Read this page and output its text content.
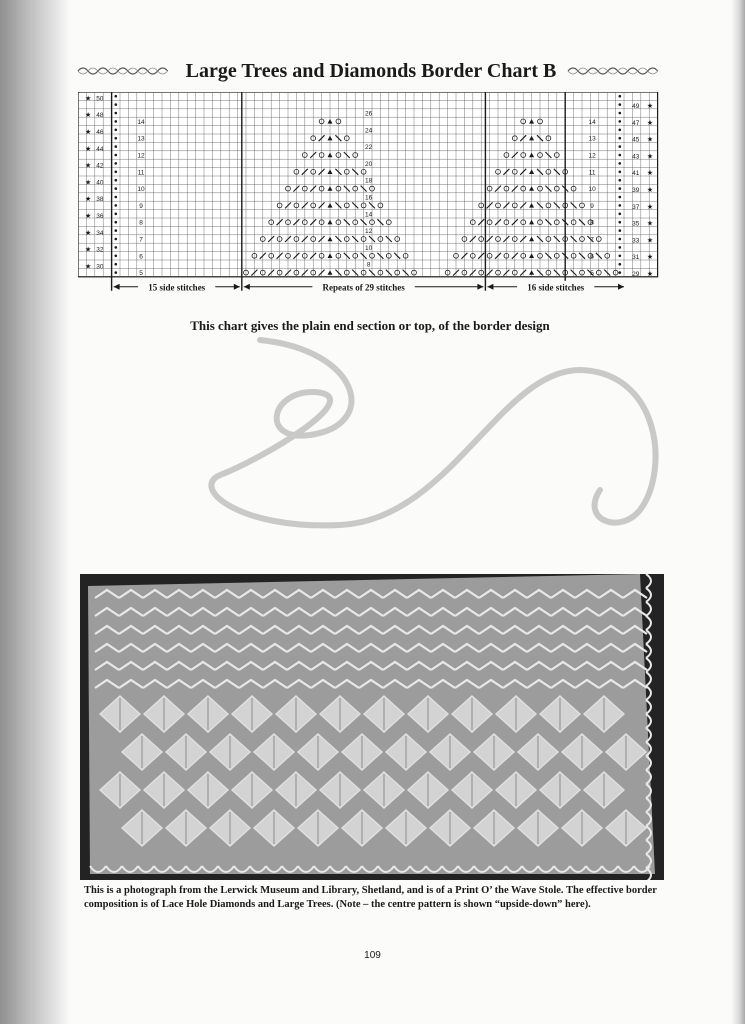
Large Trees and Diamonds Border Chart B
★ 50
★ 48
★ 46
★ 44
★ 42
★ 40
★ 38
★ 36
★ 34
★ 32
★ 30
49 ★
47 ★
45 ★
43 ★
41 ★
39 ★
37 ★
35 ★
33 ★
31 ★
29 ★
14
13
12
11
10
9
8
7
6
5
26
24
22
20
18
16
14
12
10
8
14
13
12
11
10
9
8
7
6
5
15 side stitches	Repeats of 29 stitches	16 side stitches
This chart gives the plain end section or top, of the border design
This is a photograph from the Lerwick Museum and Library, Shetland, and is of a Print O’ the Wave Stole. The effective border composition is of Lace Hole Diamonds and Large Trees. (Note – the centre pattern is shown “upside-down” here).
109
